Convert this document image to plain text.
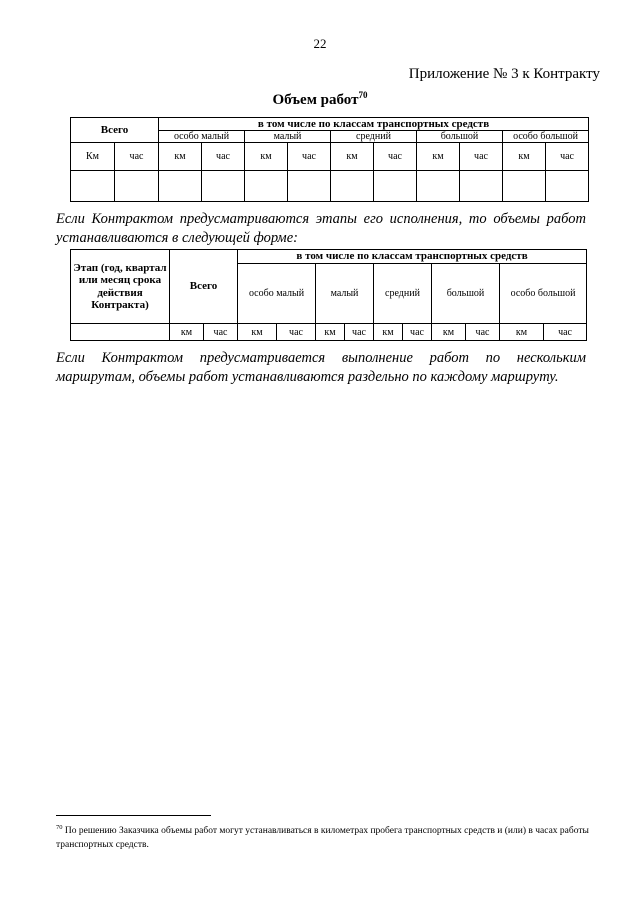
22
Приложение № 3 к Контракту
Объем работ$^{70}$
Всего		в том числе по классам транспортных средств									
		особо малый		малый		средний		большой		особо большой	
Км	час	км	час	км	час	км	час	км	час	км	час

Если Контрактом предусматриваются этапы его исполнения, то объемы работ устанавливаются в следующей форме:
Этап (год, квартал или месяц срока действия Контракта)	Всего		в том числе по классам транспортных средств									
			особо малый		малый		средний		большой		особо большой	
	км	час	км	час	км	час	км	час	км	час	км	час
Если Контрактом предусматривается выполнение работ по нескольким маршрутам, объемы работ устанавливаются раздельно по каждому маршруту.
$^{70}$ По решению Заказчика объемы работ могут устанавливаться в километрах пробега транспортных средств и (или) в часах работы транспортных средств.
